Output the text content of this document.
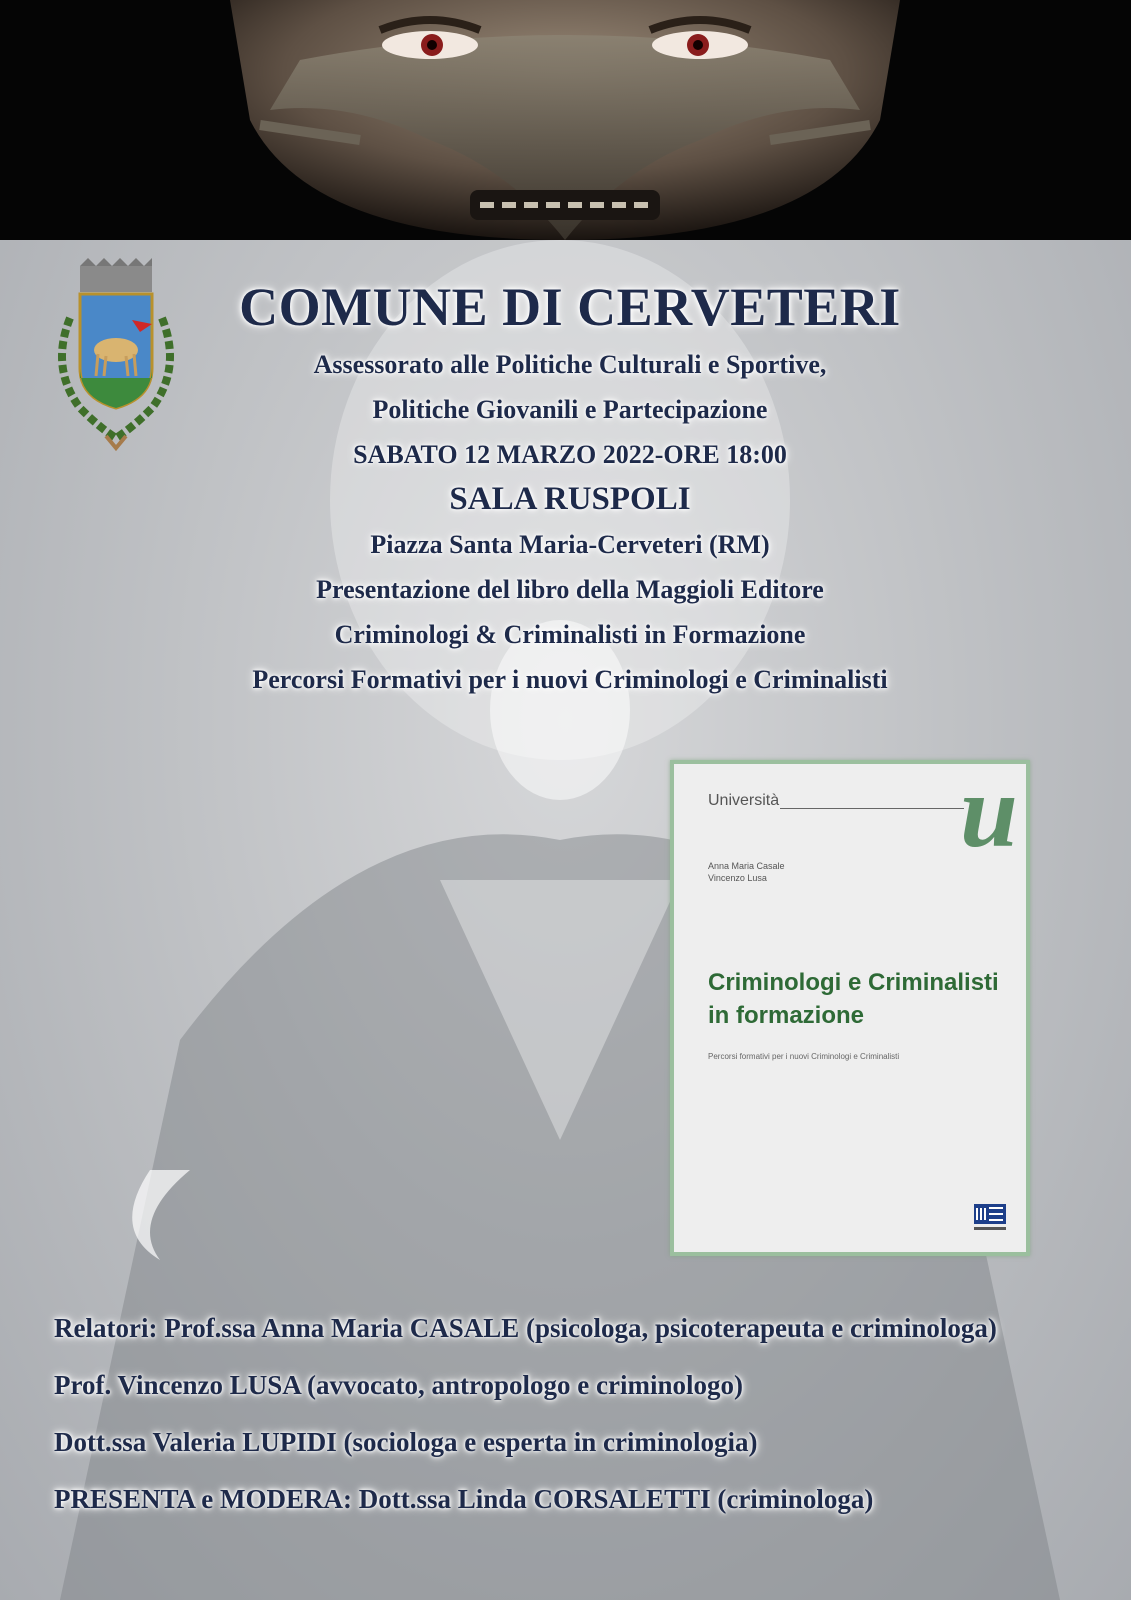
COMUNE DI CERVETERI
Assessorato alle Politiche Culturali e Sportive,
Politiche Giovanili e Partecipazione
SABATO 12 MARZO 2022-ORE 18:00
SALA RUSPOLI
Piazza Santa Maria-Cerveteri (RM)
Presentazione del libro della Maggioli Editore
Criminologi & Criminalisti in Formazione
Percorsi Formativi per i nuovi Criminologi e Criminalisti
Università u
Anna Maria Casale
Vincenzo Lusa
Criminologi e Criminalisti
in formazione
Percorsi formativi per i nuovi Criminologi e Criminalisti
Relatori: Prof.ssa Anna Maria CASALE (psicologa, psicoterapeuta e criminologa)
Prof. Vincenzo LUSA (avvocato, antropologo e criminologo)
Dott.ssa Valeria LUPIDI (sociologa e esperta in criminologia)
PRESENTA e MODERA: Dott.ssa Linda CORSALETTI (criminologa)
